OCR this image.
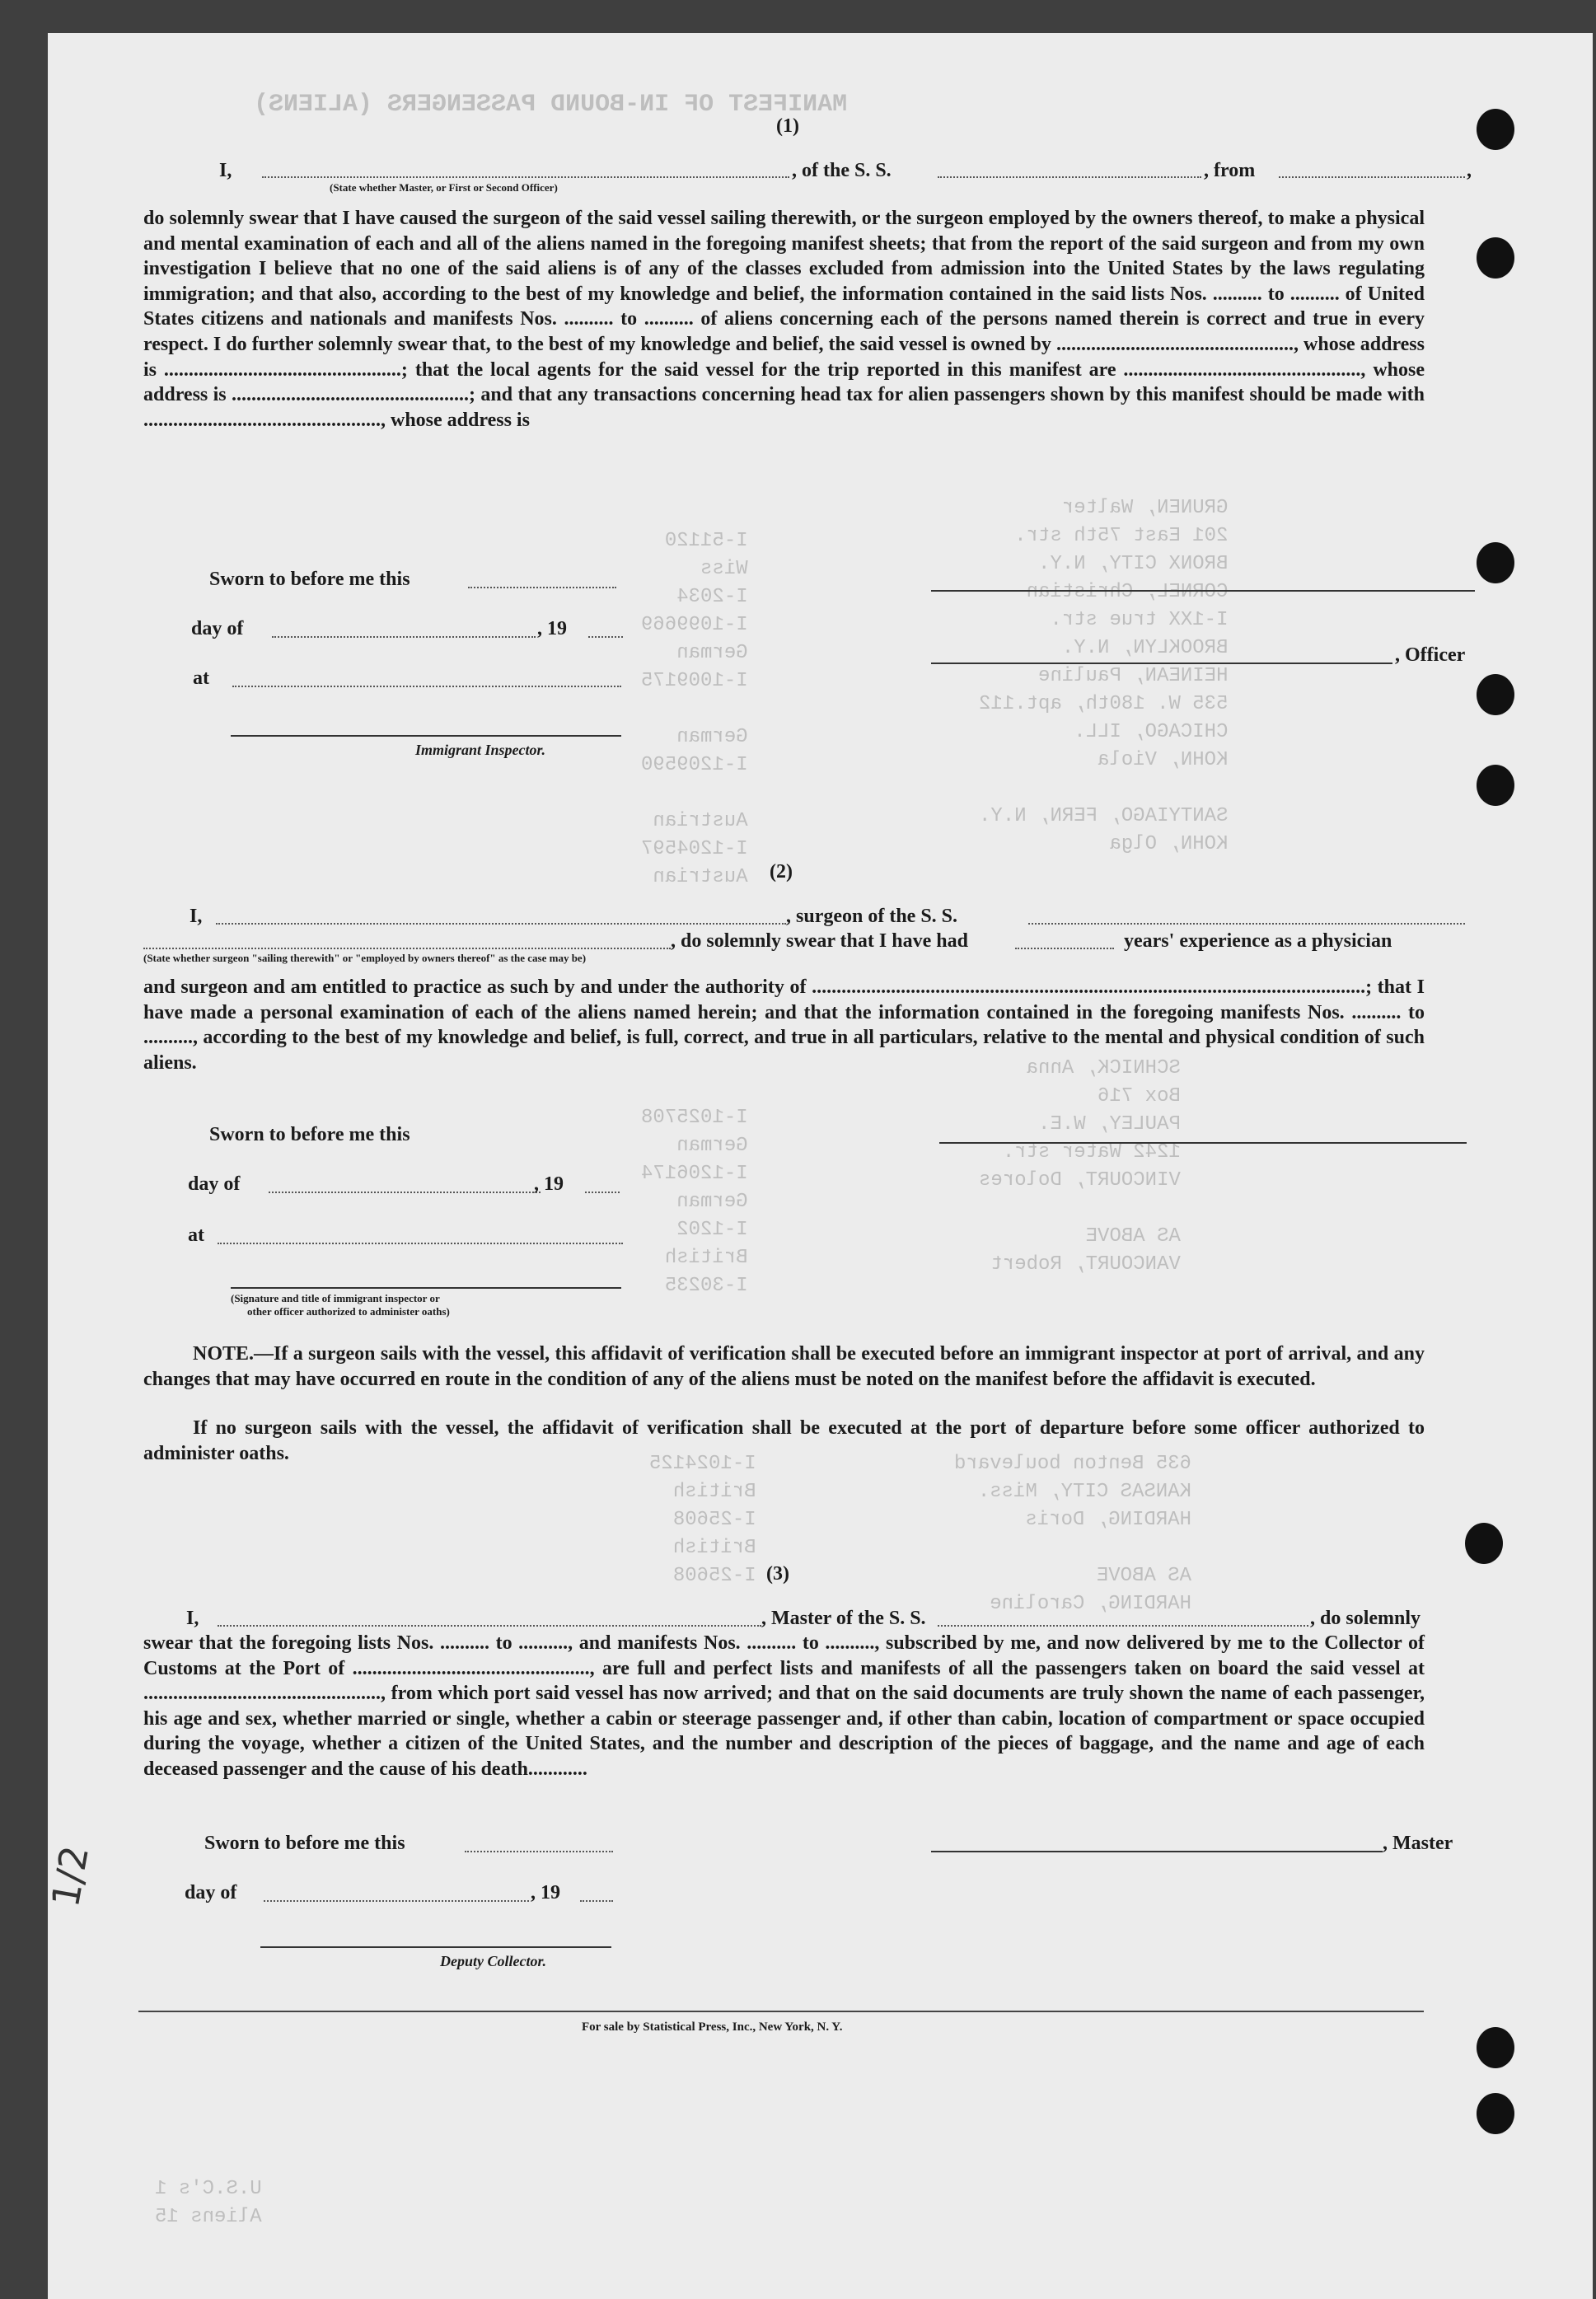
MANIFEST OF IN-BOUND PASSENGERS (ALIENS)
I-51120
Wiss
I-2034
I-1099669
German
I-1009175

German
I-1209590

Austrian
I-1204597
Austrian
GRUNEN, Walter
201 East 75th str.
BRONX CITY, N.Y.
CORNEL, Christian
I-1XX true str.
BROOKLYN, N.Y.
HEINEAN, Pauline
535 W. 180th, apt.112
CHICAGO, ILL.
KOHN, Viola

SANTYIAGO, FERN, N.Y.
KOHN, Olga
SCHNICK, Anna
Box 716
PAULEY, W.E.
1242 Water str.
VINCOURT, Dolores

AS ABOVE
VANCOURT, Robert
635 Benton boulevard
KANSAS CITY, Miss.
HARDING, Doris

AS ABOVE
HARDING, Caroline
I-1025708
German
I-1206174
German
I-1202
British
I-30235
I-1024125
British
I-25608
British
I-25608
U.S.C's 1
Aliens 15
(1)
I,	, of the S. S.	, from	,
(State whether Master, or First or Second Officer)
do solemnly swear that I have caused the surgeon of the said vessel sailing therewith, or the surgeon employed by the owners thereof, to make a physical and mental examination of each and all of the aliens named in the foregoing manifest sheets; that from the report of the said surgeon and from my own investigation I believe that no one of the said aliens is of any of the classes excluded from admission into the United States by the laws regulating immigration; and that also, according to the best of my knowledge and belief, the information contained in the said lists Nos. .......... to .......... of United States citizens and nationals and manifests Nos. .......... to .......... of aliens concerning each of the persons named therein is correct and true in every respect. I do further solemnly swear that, to the best of my knowledge and belief, the said vessel is owned by ................................................, whose address is ................................................; that the local agents for the said vessel for the trip reported in this manifest are ................................................, whose address is ................................................; and that any transactions concerning head tax for alien passengers shown by this manifest should be made with ................................................, whose address is
Sworn to before me this
day of	, 19
at
, Officer
Immigrant Inspector.
(2)
I,	, surgeon of the S. S.
, do solemnly swear that I have had	years' experience as a physician
(State whether surgeon "sailing therewith" or "employed by owners thereof" as the case may be)
and surgeon and am entitled to practice as such by and under the authority of ................................................................................................................; that I have made a personal examination of each of the aliens named herein; and that the information contained in the foregoing manifests Nos. .......... to .........., according to the best of my knowledge and belief, is full, correct, and true in all particulars, relative to the mental and physical condition of such aliens.
Sworn to before me this
day of	, 19
at
(Signature and title of immigrant inspector or
other officer authorized to administer oaths)
NOTE.—If a surgeon sails with the vessel, this affidavit of verification shall be executed before an immigrant inspector at port of arrival, and any changes that may have occurred en route in the condition of any of the aliens must be noted on the manifest before the affidavit is executed.
If no surgeon sails with the vessel, the affidavit of verification shall be executed at the port of departure before some officer authorized to administer oaths.
(3)
I,	, Master of the S. S.	, do solemnly
swear that the foregoing lists Nos. .......... to .........., and manifests Nos. .......... to .........., subscribed by me, and now delivered by me to the Collector of Customs at the Port of ................................................, are full and perfect lists and manifests of all the passengers taken on board the said vessel at ................................................, from which port said vessel has now arrived; and that on the said documents are truly shown the name of each passenger, his age and sex, whether married or single, whether a cabin or steerage passenger and, if other than cabin, location of compartment or space occupied during the voyage, whether a citizen of the United States, and the number and description of the pieces of baggage, and the name and age of each deceased passenger and the cause of his death............
Sworn to before me this	, Master
day of	, 19
Deputy Collector.
For sale by Statistical Press, Inc., New York, N. Y.
1/2
